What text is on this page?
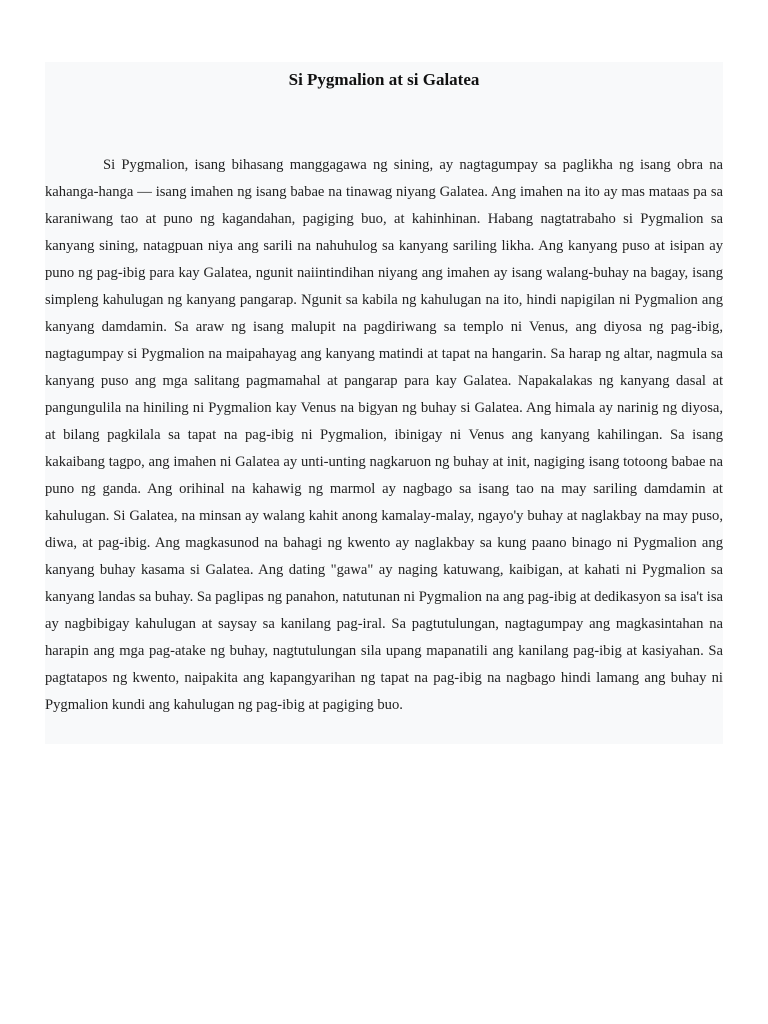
Si Pygmalion at si Galatea

Si Pygmalion, isang bihasang manggagawa ng sining, ay nagtagumpay sa paglikha ng isang obra na kahanga-hanga — isang imahen ng isang babae na tinawag niyang Galatea. Ang imahen na ito ay mas mataas pa sa karaniwang tao at puno ng kagandahan, pagiging buo, at kahinhinan. Habang nagtatrabaho si Pygmalion sa kanyang sining, natagpuan niya ang sarili na nahuhulog sa kanyang sariling likha. Ang kanyang puso at isipan ay puno ng pag-ibig para kay Galatea, ngunit naiintindihan niyang ang imahen ay isang walang-buhay na bagay, isang simpleng kahulugan ng kanyang pangarap. Ngunit sa kabila ng kahulugan na ito, hindi napigilan ni Pygmalion ang kanyang damdamin. Sa araw ng isang malupit na pagdiriwang sa templo ni Venus, ang diyosa ng pag-ibig, nagtagumpay si Pygmalion na maipahayag ang kanyang matindi at tapat na hangarin. Sa harap ng altar, nagmula sa kanyang puso ang mga salitang pagmamahal at pangarap para kay Galatea. Napakalakas ng kanyang dasal at pangungulila na hiniling ni Pygmalion kay Venus na bigyan ng buhay si Galatea. Ang himala ay narinig ng diyosa, at bilang pagkilala sa tapat na pag-ibig ni Pygmalion, ibinigay ni Venus ang kanyang kahilingan. Sa isang kakaibang tagpo, ang imahen ni Galatea ay unti-unting nagkaruon ng buhay at init, nagiging isang totoong babae na puno ng ganda. Ang orihinal na kahawig ng marmol ay nagbago sa isang tao na may sariling damdamin at kahulugan. Si Galatea, na minsan ay walang kahit anong kamalay-malay, ngayo'y buhay at naglakbay na may puso, diwa, at pag-ibig. Ang magkasunod na bahagi ng kwento ay naglakbay sa kung paano binago ni Pygmalion ang kanyang buhay kasama si Galatea. Ang dating "gawa" ay naging katuwang, kaibigan, at kahati ni Pygmalion sa kanyang landas sa buhay. Sa paglipas ng panahon, natutunan ni Pygmalion na ang pag-ibig at dedikasyon sa isa't isa ay nagbibigay kahulugan at saysay sa kanilang pag-iral. Sa pagtutulungan, nagtagumpay ang magkasintahan na harapin ang mga pag-atake ng buhay, nagtutulungan sila upang mapanatili ang kanilang pag-ibig at kasiyahan. Sa pagtatapos ng kwento, naipakita ang kapangyarihan ng tapat na pag-ibig na nagbago hindi lamang ang buhay ni Pygmalion kundi ang kahulugan ng pag-ibig at pagiging buo.
